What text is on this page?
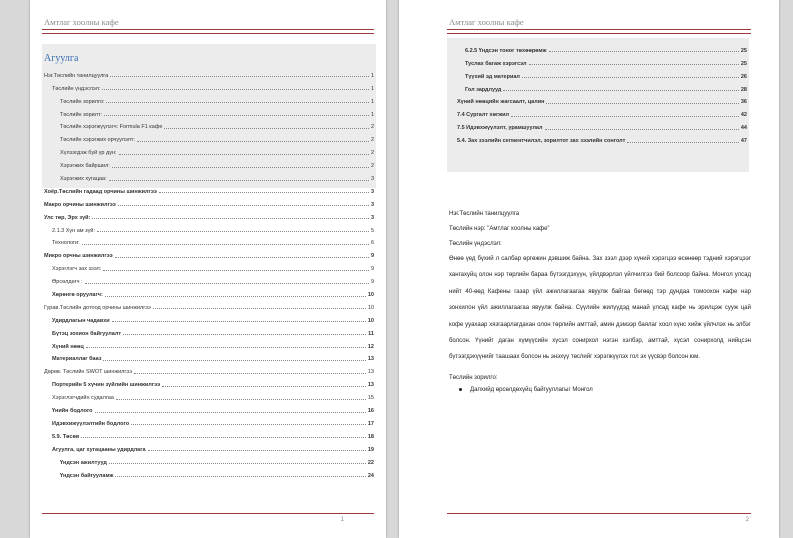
Амтлаг хоолны кафе
Агуулга
Нэг.Төслийн танилцуулга	1
Төслийн үндэслэл:	1
Төслийн зорилго:	1
Төслийн зорилт:	1
Төслийн хэрэгжүүлэгч: Formula F1 кафе	2
Төслийн хэрэгжих орчуулэлт:	2
Хүлээгдэж буй үр дүн:	2
Хэрэгжих байршил:	2
Хэрэгжих хугацаа:	3
Хоёр.Төслийн гадаад орчины шинжилгээ	3
Макро орчины шинжилгээ	3
Улс төр, Эрх зүй:	3
2.1.3 Хүн ам зүй:	5
Технологи:	6
Микро орчны шинжилгээ	9
Хэрэглэгч зах зээл:	9
Өрсөлдөгч :	9
Хөрөнгө оруулагч:	10
Гурав.Төслийн дотоод орчины шинжилгээ	10
Удирдлагын чадавхи	10
Бүтэц зохион байгуулалт	11
Хүний нөөц	12
Материаллаг бааз	13
Дөрөв. Төслийн SWOT шинжилгээ	13
Портерийн 5 хүчин зүйлийн шинжилгээ	13
Хэрэглэгчдийн судалгаа	15
Үнийн бодлого	16
Идэвхижүүлэлтийн бодлого	17
5.9. Төсөв	18
Агуулга, цаг хугацааны удирдлага	19
Үндсэн ажилтууд	22
Үндсэн байгууламж	24
1
Амтлаг хоолны кафе
6.2.5 Үндсэн тоног төхөөрөмж	25
Туслах багаж хэрэгсэл	25
Түүхий эд материал	26
Гол зардлууд	28
Хүний нөөцийн жагсаалт, цалин	36
7.4 Сургалт хөгжил	42
7.5 Идэвхжүүлэлт, урамшуулал	44
5.4. Зах зээлийн сегментчилэл, зорилтот зах зээлийн сонголт	47

Нэг.Төслийн танилцуулга

Төслийн нэр: "Амтлаг хоолны кафе"

Төслийн үндэслэл:

Өнөө үед бүхий л салбар өргөжин дэвшиж байна. Зах зээл дээр хүний хэрэгцээ өсөнөөр тэдний хэрэгцээг хангахуйц олон нэр төрлийн бараа бүтээгдэхүүн, үйлдвэрлэл үйлчилгээ бий болсоор байна. Монгол улсад нийт 40-өөд Кафены газар үйл ажиллагаагаа явуулж байгаа бөгөөд тэр дундаа томоохон кафе нар зонхилон үйл ажиллагаагаа явуулж байна. Сүүлийн жилүүдэд манай улсад кафе нь эрилцэж сууж цай кофе ууахаар хязгаарлагдахан олон төрлийн амттай, амин дэмээр баялаг хоол хүнс хийж үйлчлэх нь элбэг болсон. Үүнийг даган хүмүүсийн хүсэл сонирхол нэгэн хэлбэр, амттай, хүсэл сонирхолд нийцсэн бүтээгдэхүүнийг таашаах болсон нь энэхүү төслийг хэрэгжүүлэх гол эх үүсвэр болсон юм.

Төслийн зорилго:

Далхийд өрсөлдөхүйц байгууллагыг Монгол
2
